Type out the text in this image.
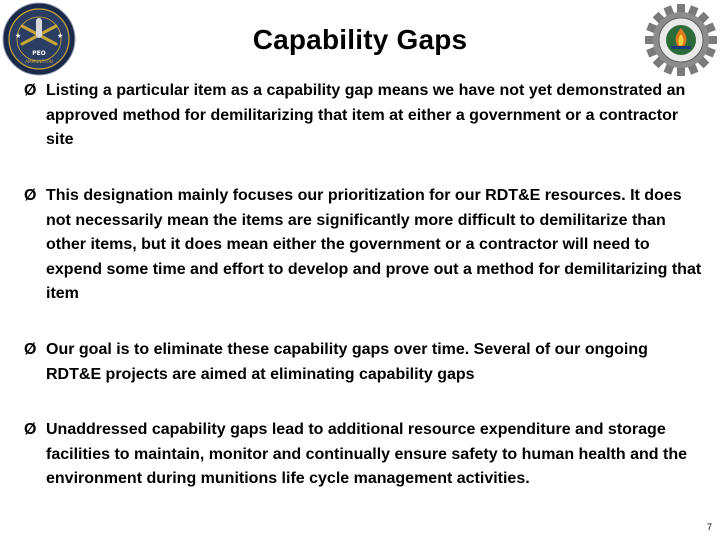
★	★
PEO
AMMUNITION
Capability Gaps
Ø Listing a particular item as a capability gap means we have not yet demonstrated an approved method for demilitarizing that item at either a government or a contractor site
Ø This designation mainly focuses our prioritization for our RDT&E resources. It does not necessarily mean the items are significantly more difficult to demilitarize than other items, but it does mean either the government or a contractor will need to expend some time and effort to develop and prove out a method for demilitarizing that item
Ø Our goal is to eliminate these capability gaps over time. Several of our ongoing RDT&E projects are aimed at eliminating capability gaps
Ø Unaddressed capability gaps lead to additional resource expenditure and storage facilities to maintain, monitor and continually ensure safety to human health and the environment during munitions life cycle management activities.
7
